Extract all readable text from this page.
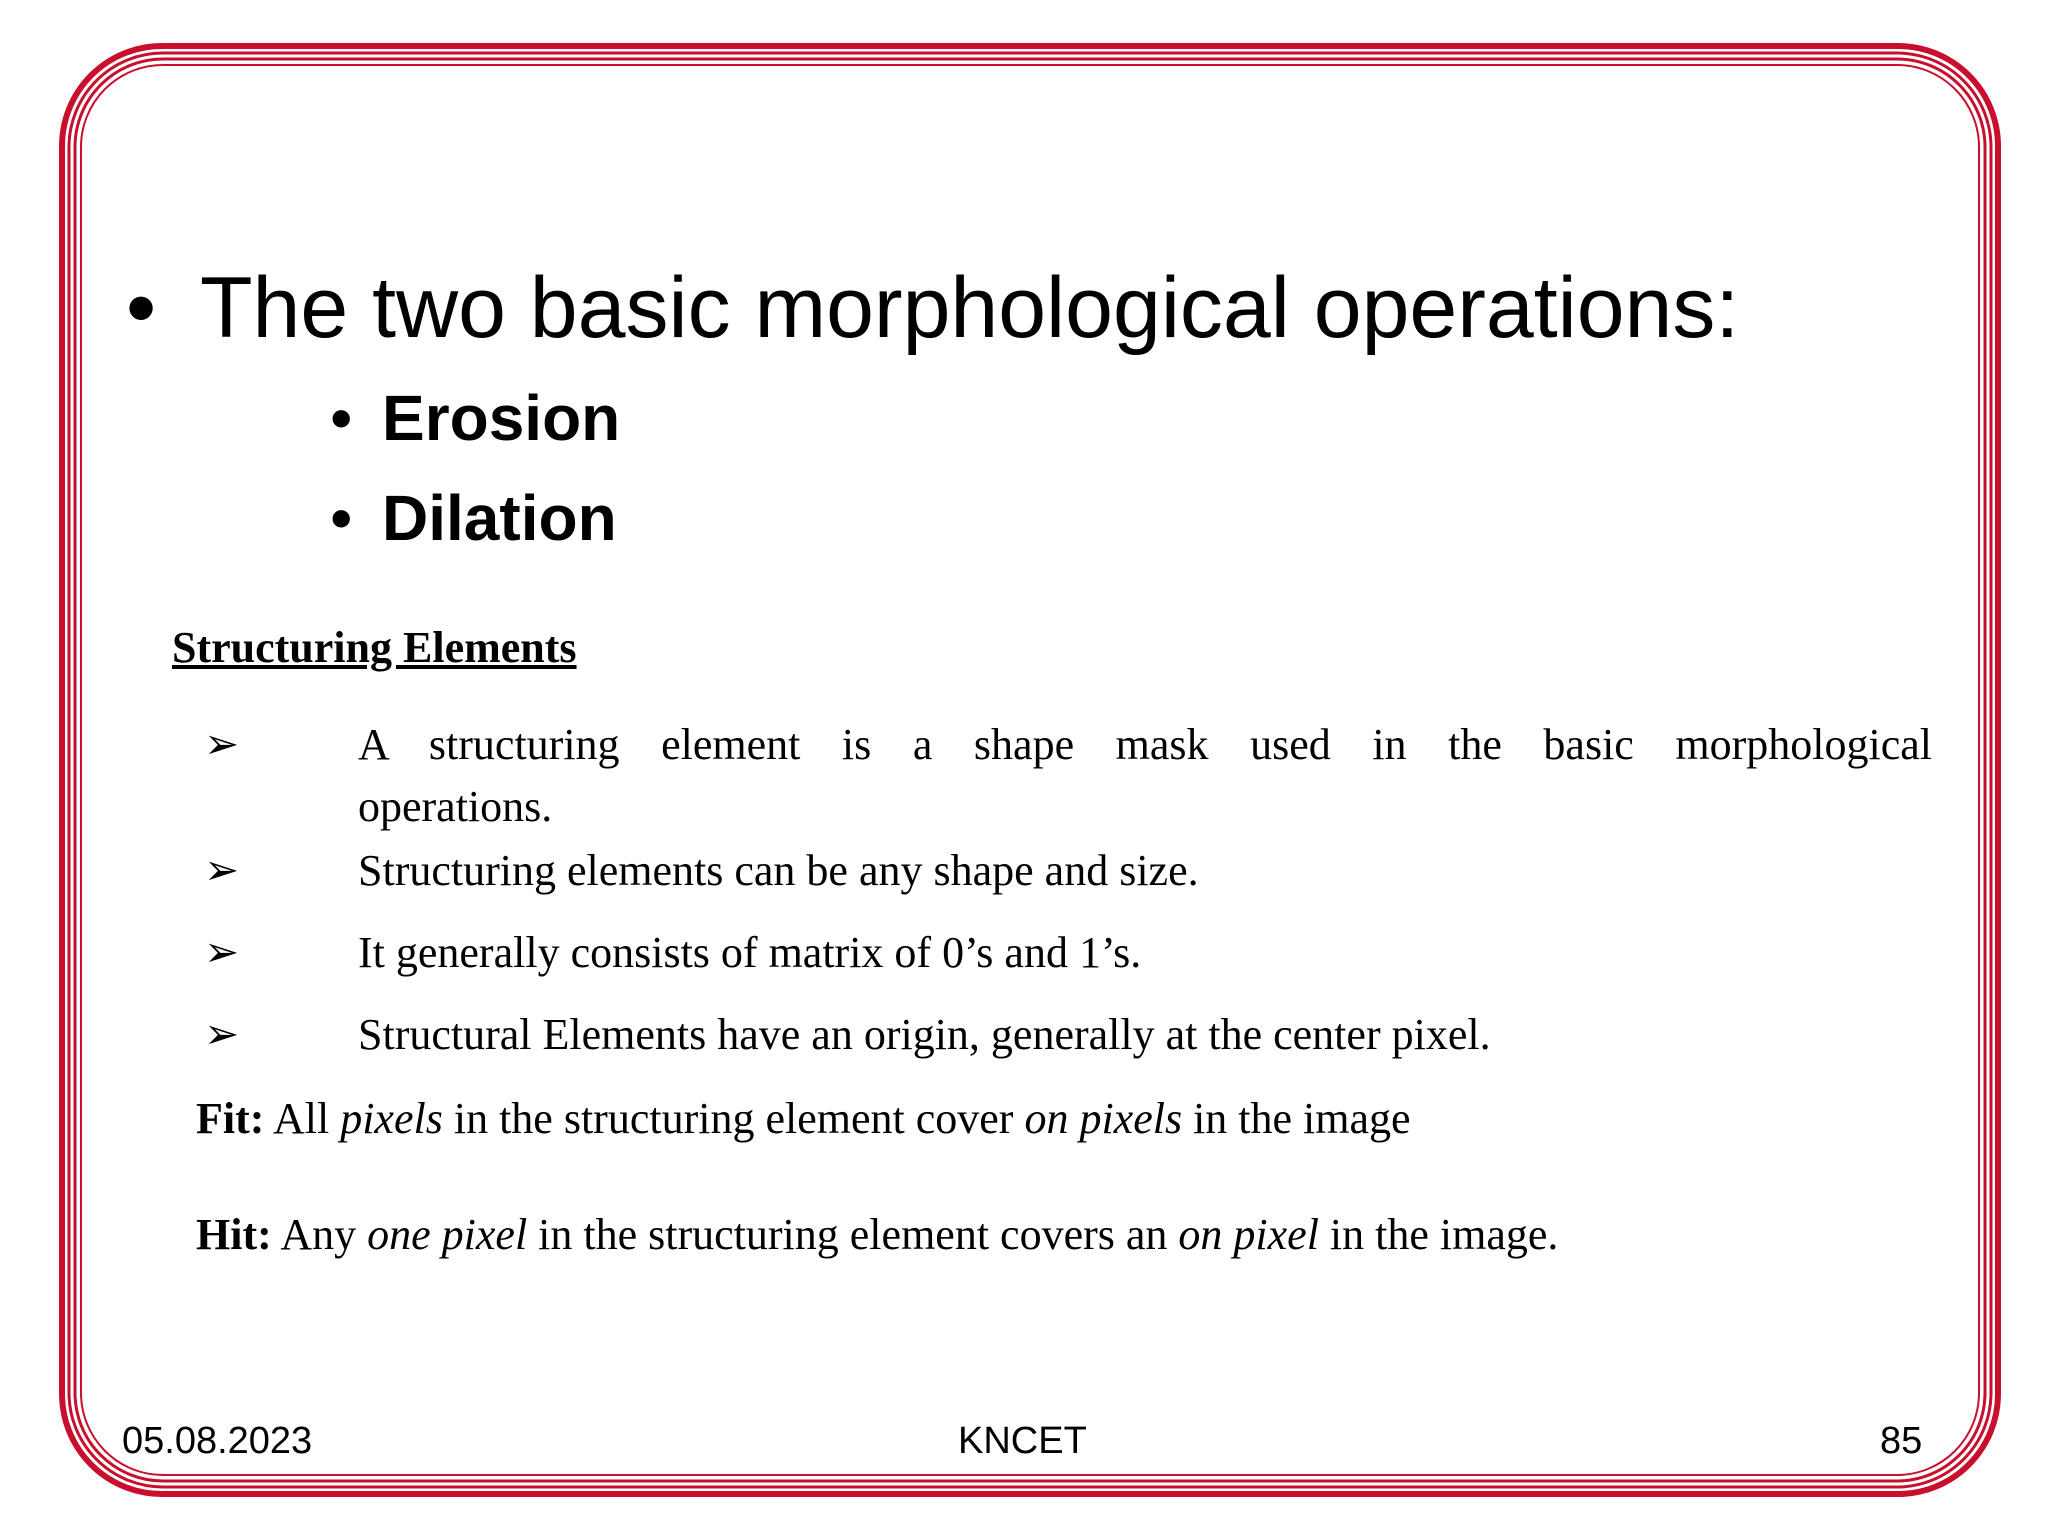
• The two basic morphological operations:
• Erosion
• Dilation
Structuring Elements
➢	A structuring element is a shape mask used in the basic morphological
operations.
➢	Structuring elements can be any shape and size.
➢	It generally consists of matrix of 0’s and 1’s.
➢	Structural Elements have an origin, generally at the center pixel.
Fit: All pixels in the structuring element cover on pixels in the image
Hit: Any one pixel in the structuring element covers an on pixel in the image.
05.08.2023	KNCET	85
